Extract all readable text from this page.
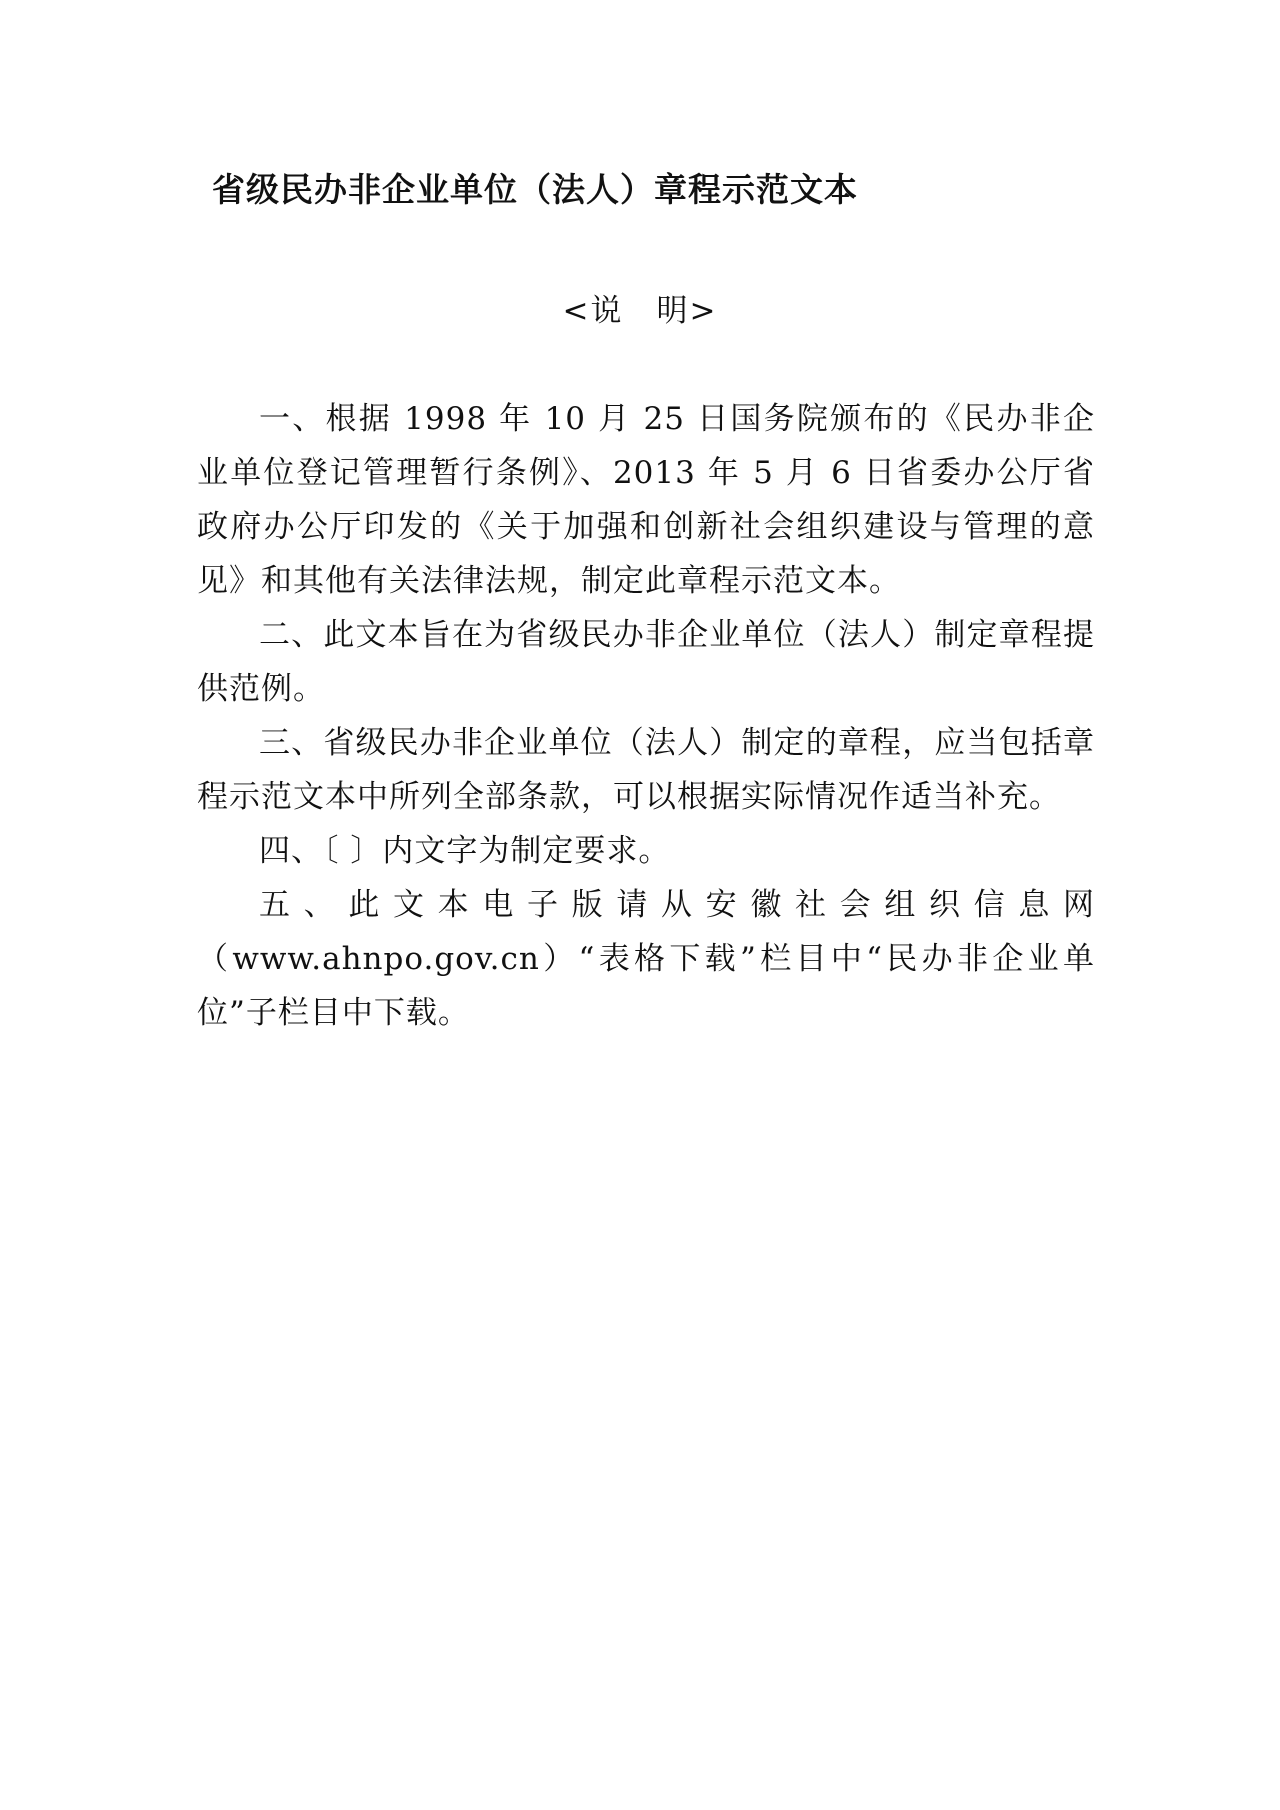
省级民办非企业单位（法人）章程示范文本
<说　明>

一、根据 1998 年 10 月 25 日国务院颁布的《民办非企业单位登记管理暂行条例》、2013 年 5 月 6 日省委办公厅省政府办公厅印发的《关于加强和创新社会组织建设与管理的意见》和其他有关法律法规，制定此章程示范文本。

二、此文本旨在为省级民办非企业单位（法人）制定章程提供范例。

三、省级民办非企业单位（法人）制定的章程，应当包括章程示范文本中所列全部条款，可以根据实际情况作适当补充。

四、〔 〕内文字为制定要求。

五、此文本电子版请从安徽社会组织信息网（www.ahnpo.gov.cn）“表格下载”栏目中“民办非企业单位”子栏目中下载。
